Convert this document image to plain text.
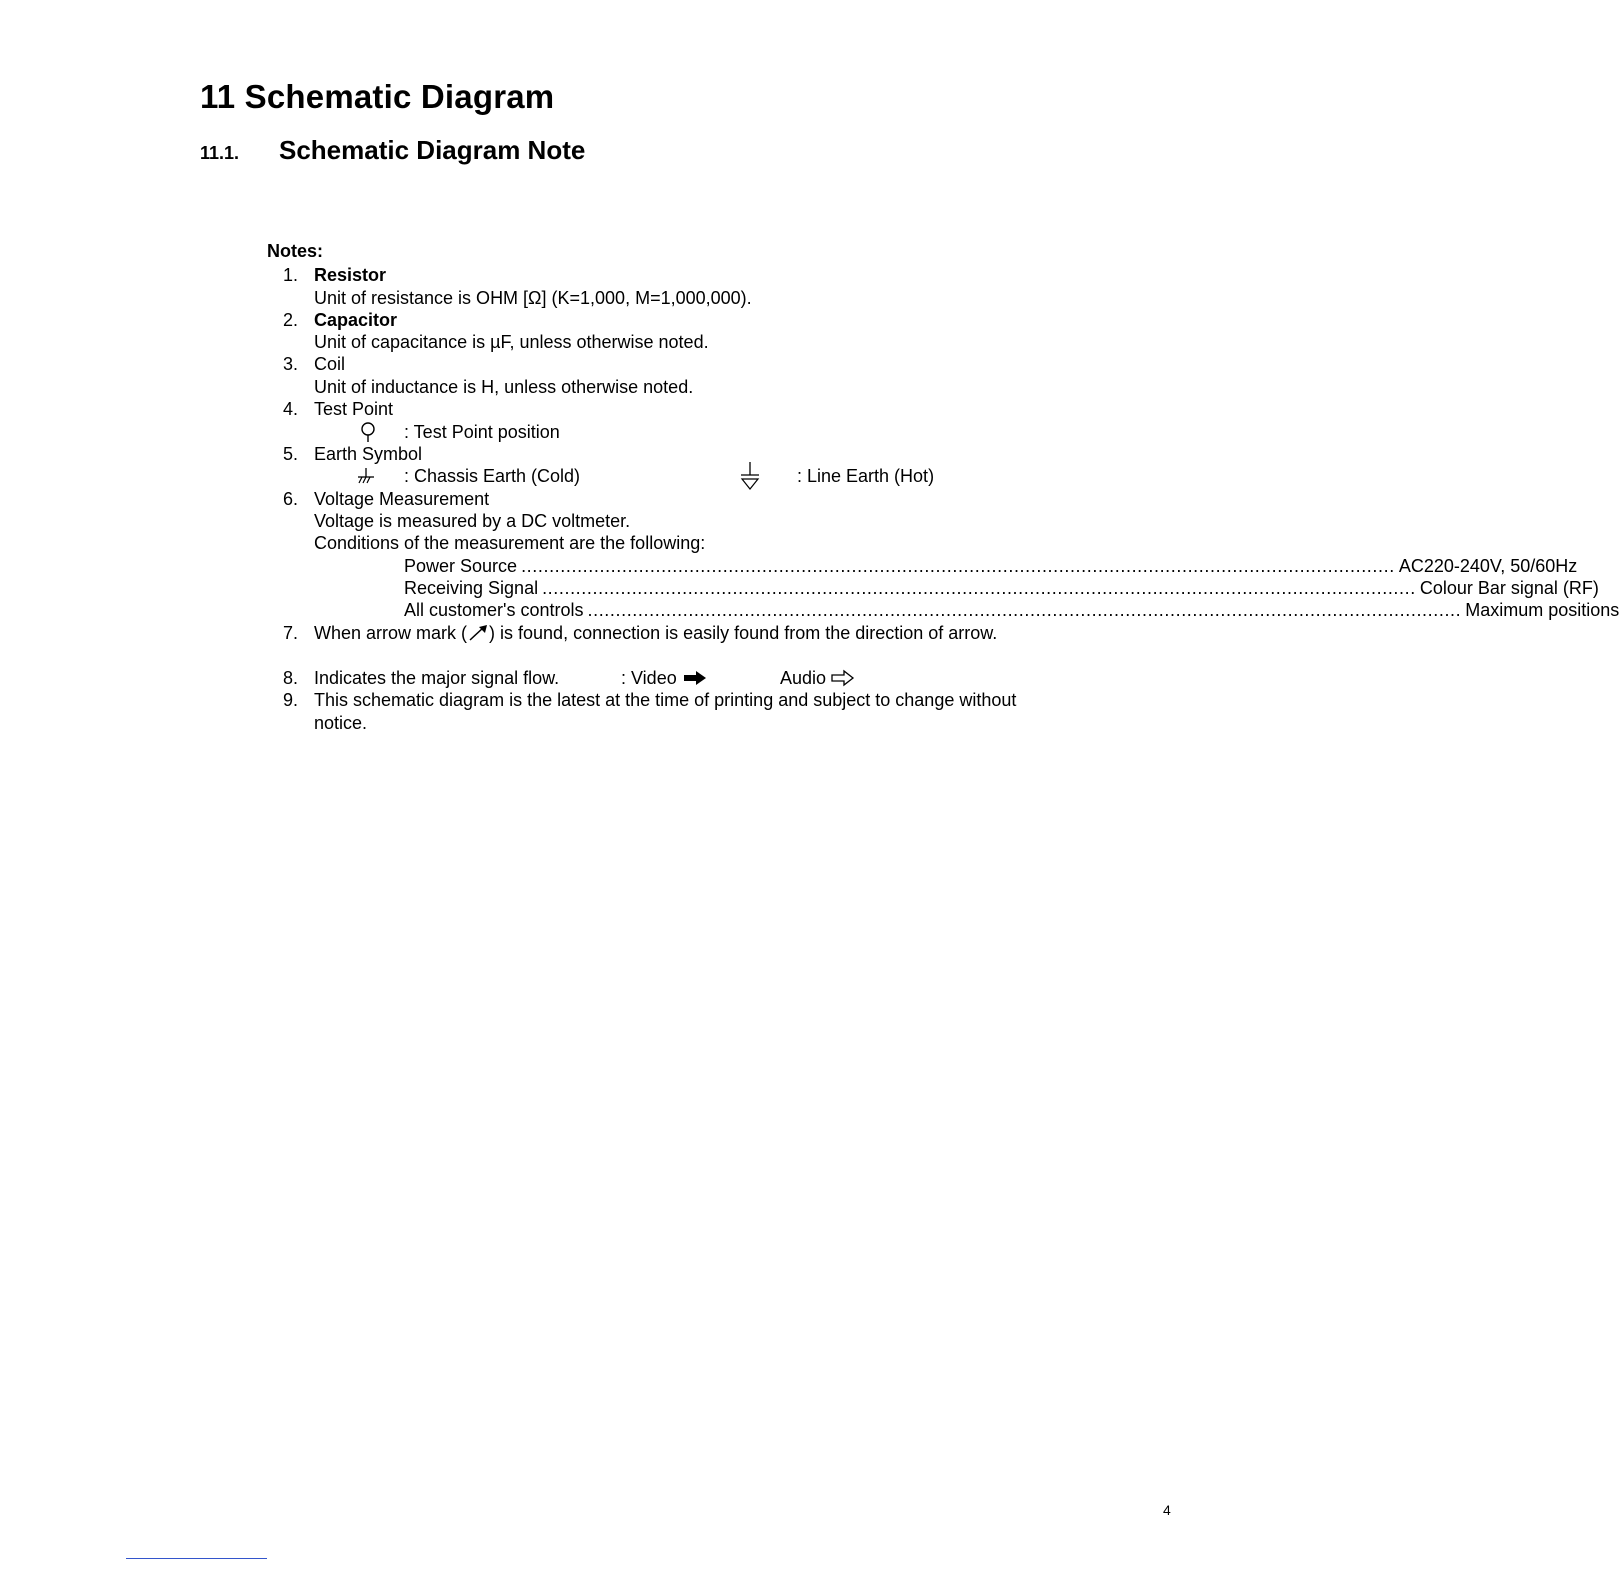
11 Schematic Diagram
11.1. Schematic Diagram Note
Notes:
1. Resistor
Unit of resistance is OHM [Ω] (K=1,000, M=1,000,000).
2. Capacitor
Unit of capacitance is µF, unless otherwise noted.
3. Coil
Unit of inductance is H, unless otherwise noted.
4. Test Point
: Test Point position
5. Earth Symbol
: Chassis Earth (Cold)	: Line Earth (Hot)
6. Voltage Measurement
Voltage is measured by a DC voltmeter.
Conditions of the measurement are the following:
Power Source ............................................................................................................................................................ AC220-240V, 50/60Hz
Receiving Signal ............................................................................................................................................................ Colour Bar signal (RF)
All customer's controls ............................................................................................................................................................ Maximum positions
7. When arrow mark ( ) is found, connection is easily found from the direction of arrow.
8. Indicates the major signal flow.	: Video	Audio
9. This schematic diagram is the latest at the time of printing and subject to change without
notice.
4
